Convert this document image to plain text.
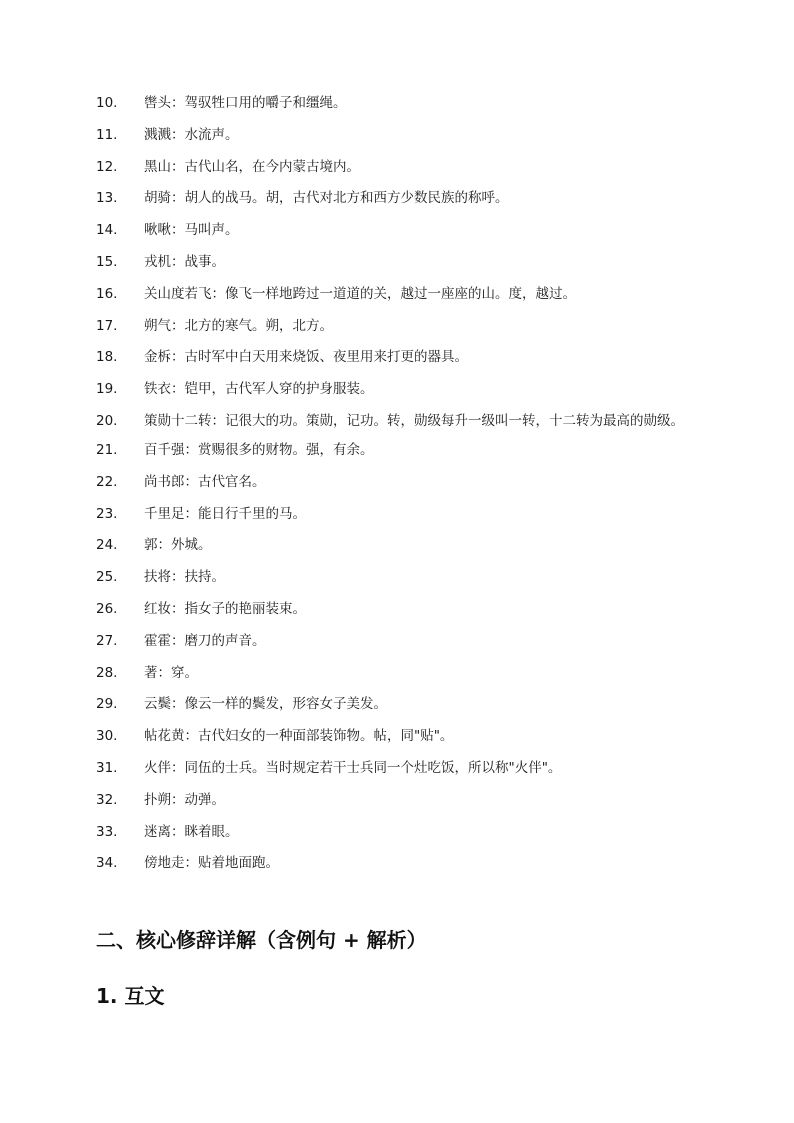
10.	辔头：驾驭牲口用的嚼子和缰绳。
11.	溅溅：水流声。
12.	黑山：古代山名，在今内蒙古境内。
13.	胡骑：胡人的战马。胡，古代对北方和西方少数民族的称呼。
14.	啾啾：马叫声。
15.	戎机：战事。
16.	关山度若飞：像飞一样地跨过一道道的关，越过一座座的山。度，越过。
17.	朔气：北方的寒气。朔，北方。
18.	金柝：古时军中白天用来烧饭、夜里用来打更的器具。
19.	铁衣：铠甲，古代军人穿的护身服装。
20.	策勋十二转：记很大的功。策勋，记功。转，勋级每升一级叫一转，十二转为最高的勋级。
21.	百千强：赏赐很多的财物。强，有余。
22.	尚书郎：古代官名。
23.	千里足：能日行千里的马。
24.	郭：外城。
25.	扶将：扶持。
26.	红妆：指女子的艳丽装束。
27.	霍霍：磨刀的声音。
28.	著：穿。
29.	云鬓：像云一样的鬓发，形容女子美发。
30.	帖花黄：古代妇女的一种面部装饰物。帖，同"贴"。
31.	火伴：同伍的士兵。当时规定若干士兵同一个灶吃饭，所以称"火伴"。
32.	扑朔：动弹。
33.	迷离：眯着眼。
34.	傍地走：贴着地面跑。
二、核心修辞详解（含例句 + 解析）
1. 互文
